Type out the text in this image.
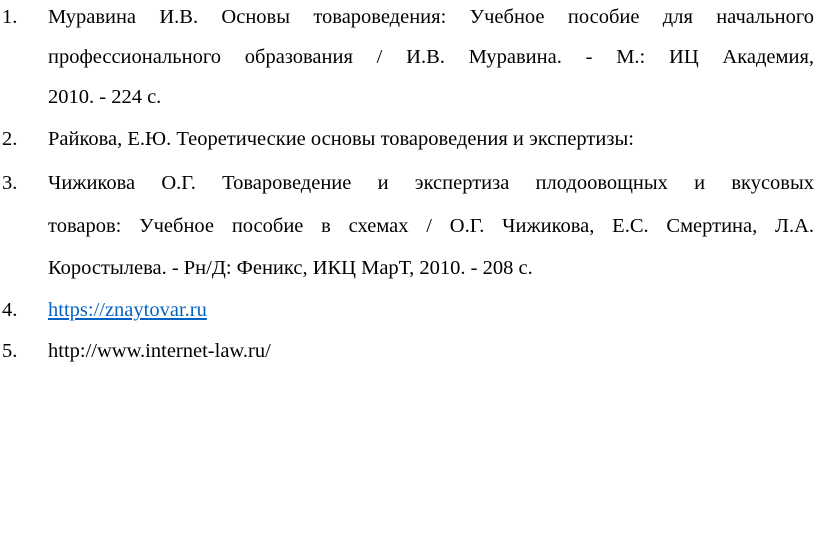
1.	Муравина И.В. Основы товароведения: Учебное пособие для начального
профессионального образования / И.В. Муравина. - М.: ИЦ Академия,
2010. - 224 с.
2.	Райкова, Е.Ю. Теоретические основы товароведения и экспертизы:
3.	Чижикова О.Г. Товароведение и экспертиза плодоовощных и вкусовых
товаров: Учебное пособие в схемах / О.Г. Чижикова, Е.С. Смертина, Л.А.
Коростылева. - Рн/Д: Феникс, ИКЦ МарТ, 2010. - 208 с.
4.	https://znaytovar.ru
5.	http://www.internet-law.ru/
